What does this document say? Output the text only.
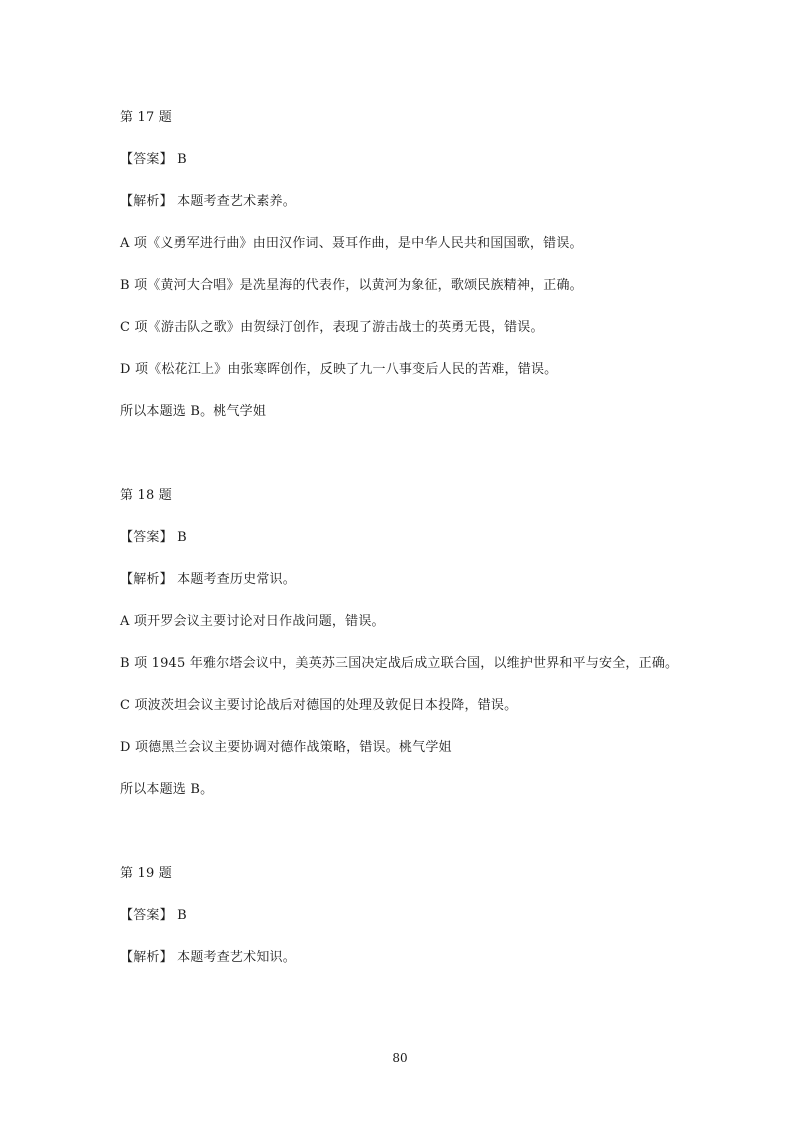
第 17 题
【答案】 B
【解析】 本题考查艺术素养。
A 项《义勇军进行曲》由田汉作词、聂耳作曲，是中华人民共和国国歌，错误。
B 项《黄河大合唱》是冼星海的代表作，以黄河为象征，歌颂民族精神，正确。
C 项《游击队之歌》由贺绿汀创作，表现了游击战士的英勇无畏，错误。
D 项《松花江上》由张寒晖创作，反映了九一八事变后人民的苦难，错误。
所以本题选 B。桃气学姐
第 18 题
【答案】 B
【解析】 本题考查历史常识。
A 项开罗会议主要讨论对日作战问题，错误。
B 项 1945 年雅尔塔会议中，美英苏三国决定战后成立联合国，以维护世界和平与安全，正确。
C 项波茨坦会议主要讨论战后对德国的处理及敦促日本投降，错误。
D 项德黑兰会议主要协调对德作战策略，错误。桃气学姐
所以本题选 B。
第 19 题
【答案】 B
【解析】 本题考查艺术知识。
80
